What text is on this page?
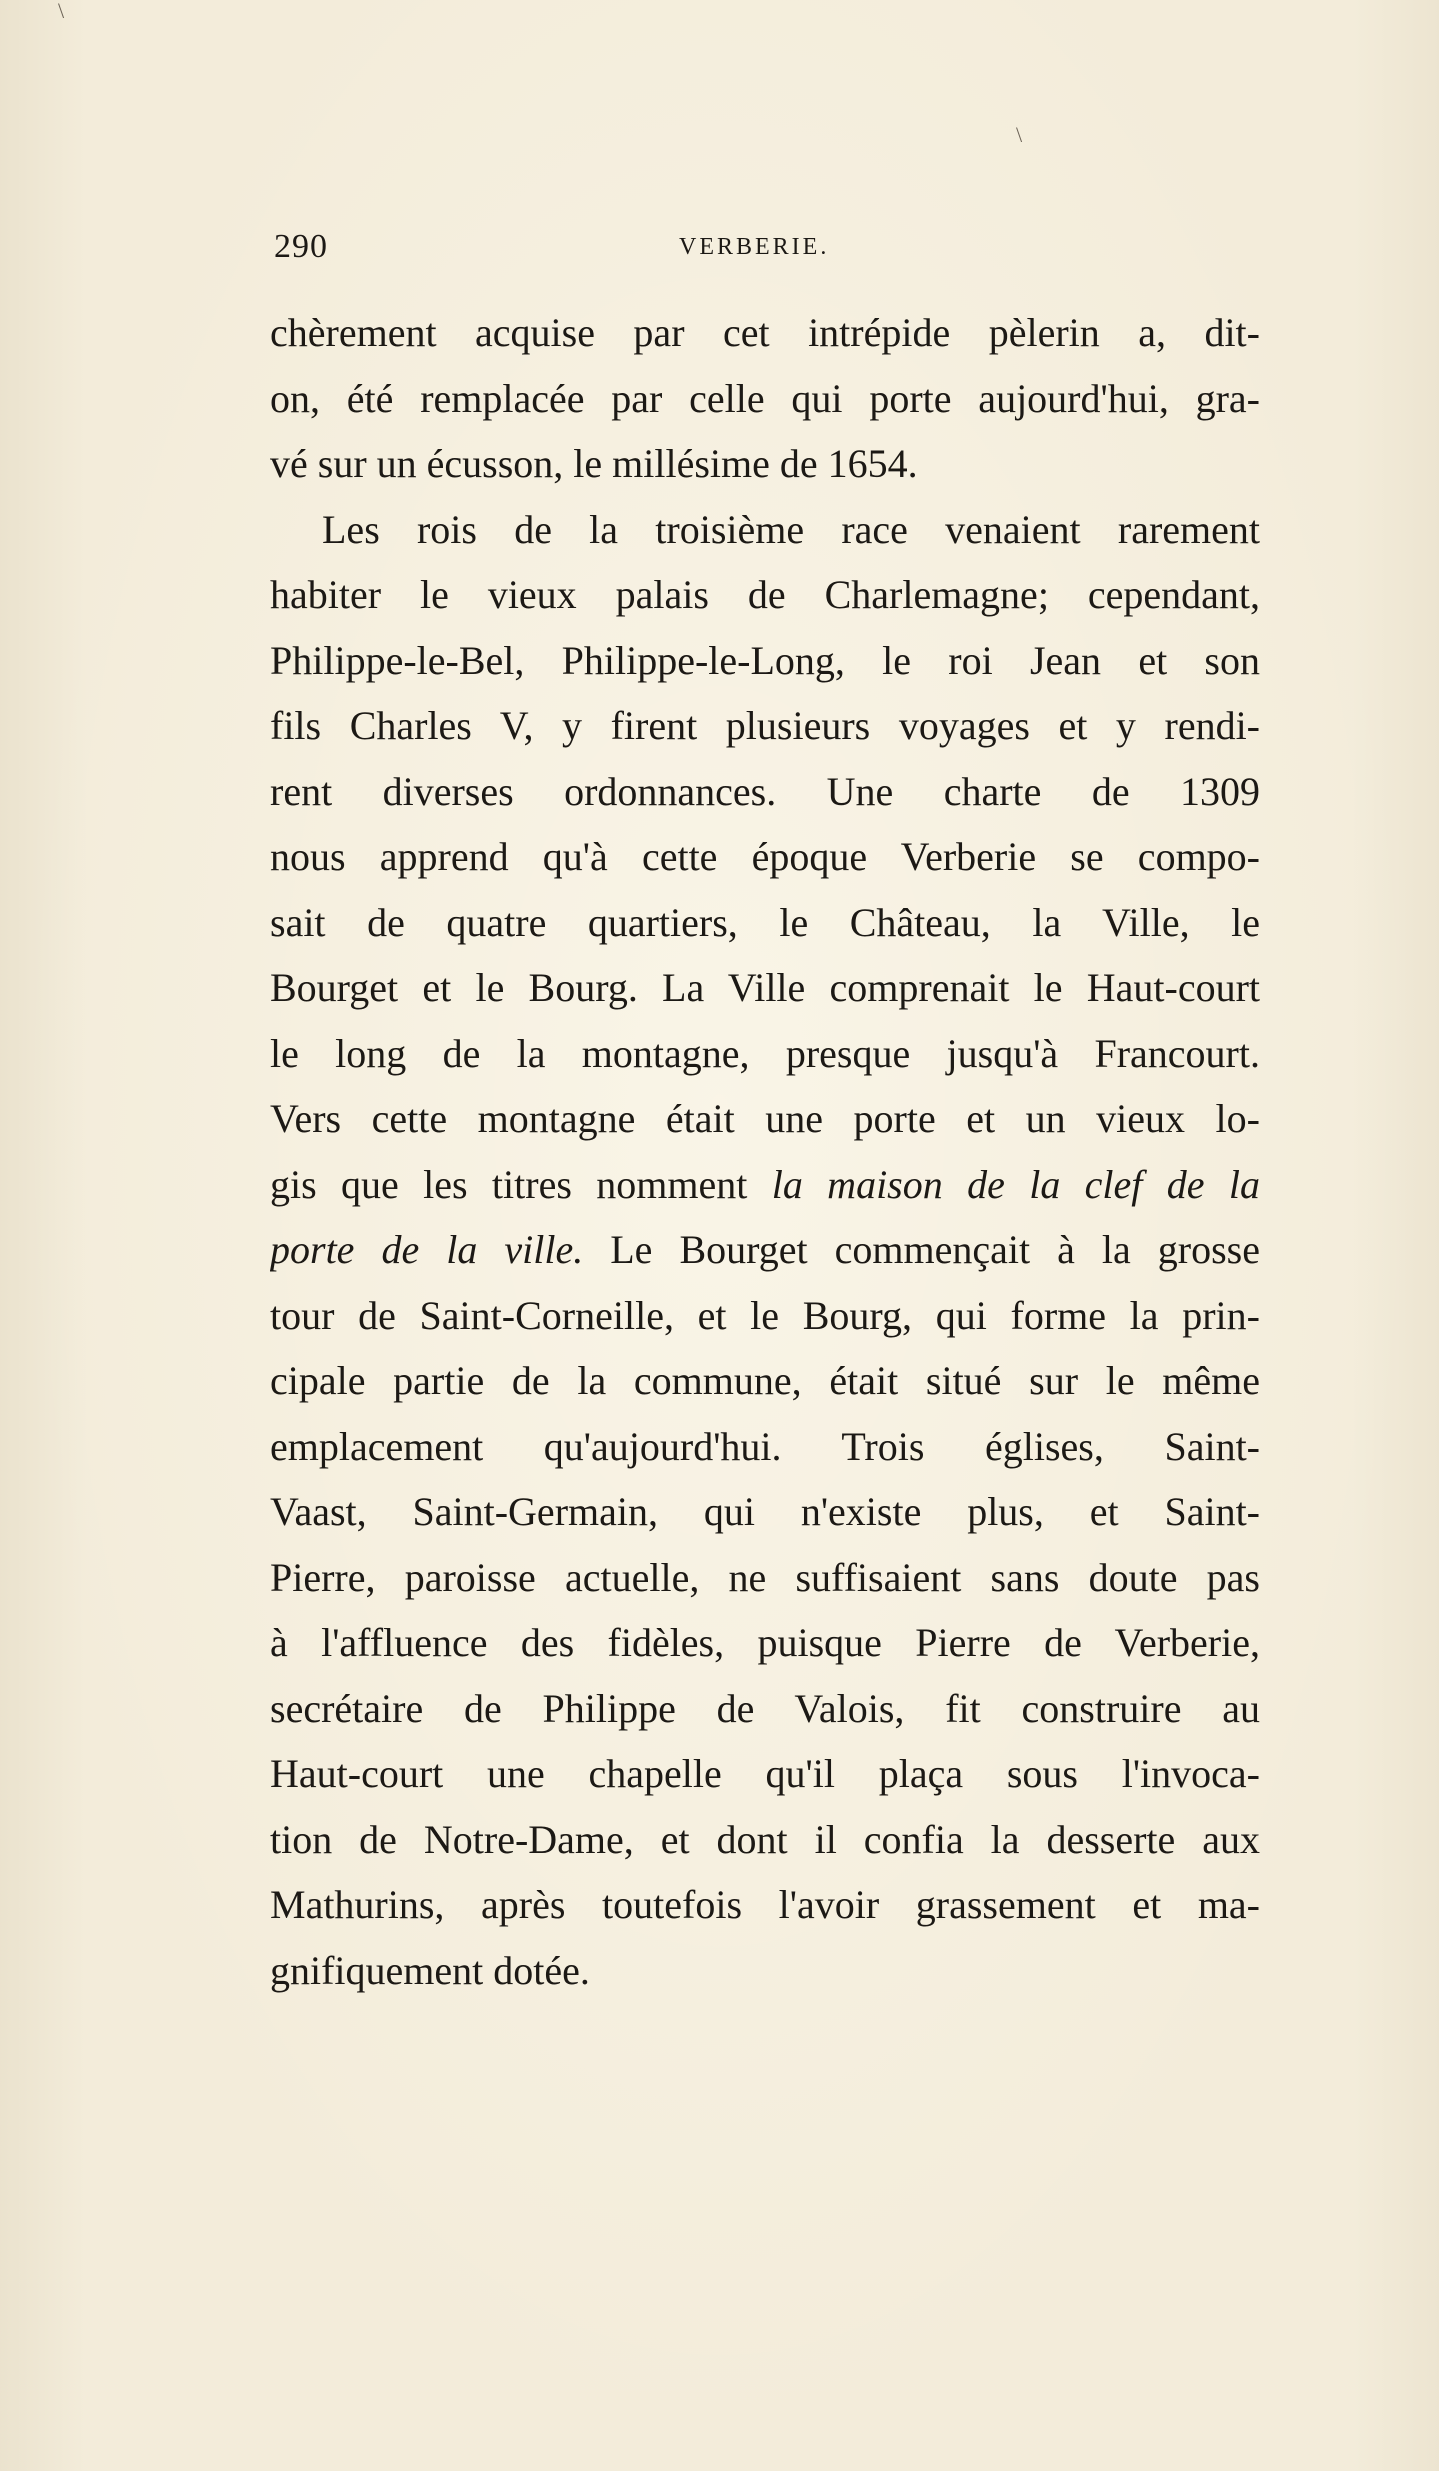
\
\
290	VERBERIE.
chèrement acquise par cet intrépide pèlerin a, dit-
on, été remplacée par celle qui porte aujourd'hui, gra-
vé sur un écusson, le millésime de 1654.
Les rois de la troisième race venaient rarement
habiter le vieux palais de Charlemagne; cependant,
Philippe-le-Bel, Philippe-le-Long, le roi Jean et son
fils Charles V, y firent plusieurs voyages et y rendi-
rent diverses ordonnances. Une charte de 1309
nous apprend qu'à cette époque Verberie se compo-
sait de quatre quartiers, le Château, la Ville, le
Bourget et le Bourg. La Ville comprenait le Haut-court
le long de la montagne, presque jusqu'à Francourt.
Vers cette montagne était une porte et un vieux lo-
gis que les titres nomment la maison de la clef de la
porte de la ville. Le Bourget commençait à la grosse
tour de Saint-Corneille, et le Bourg, qui forme la prin-
cipale partie de la commune, était situé sur le même
emplacement qu'aujourd'hui. Trois églises, Saint-
Vaast, Saint-Germain, qui n'existe plus, et Saint-
Pierre, paroisse actuelle, ne suffisaient sans doute pas
à l'affluence des fidèles, puisque Pierre de Verberie,
secrétaire de Philippe de Valois, fit construire au
Haut-court une chapelle qu'il plaça sous l'invoca-
tion de Notre-Dame, et dont il confia la desserte aux
Mathurins, après toutefois l'avoir grassement et ma-
gnifiquement dotée.
